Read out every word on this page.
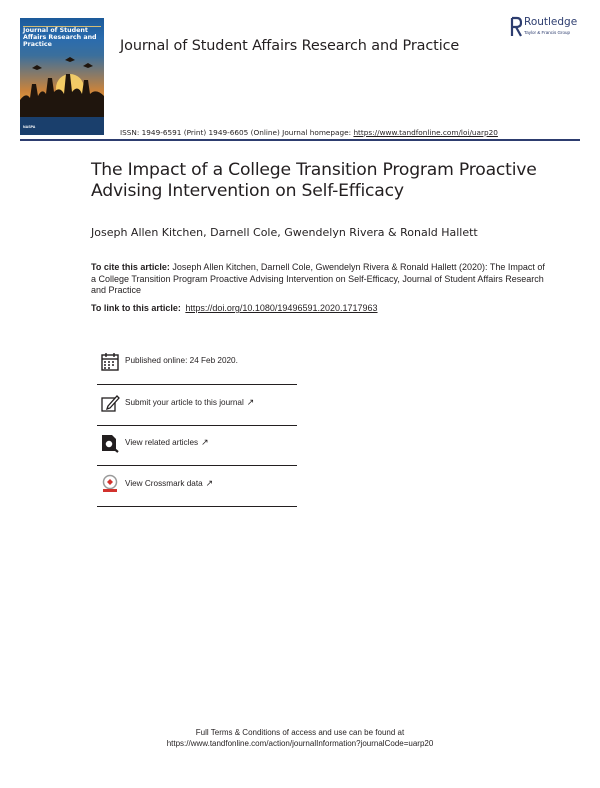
Journal of Student Affairs Research and Practice
NASPA
Journal of Student Affairs Research and Practice
Routledge
Taylor & Francis Group
ISSN: 1949-6591 (Print) 1949-6605 (Online) Journal homepage: https://www.tandfonline.com/loi/uarp20
The Impact of a College Transition Program Proactive Advising Intervention on Self-Efficacy
Joseph Allen Kitchen, Darnell Cole, Gwendelyn Rivera & Ronald Hallett
To cite this article: Joseph Allen Kitchen, Darnell Cole, Gwendelyn Rivera & Ronald Hallett (2020): The Impact of a College Transition Program Proactive Advising Intervention on Self-Efficacy, Journal of Student Affairs Research and Practice
To link to this article: https://doi.org/10.1080/19496591.2020.1717963
Published online: 24 Feb 2020.
Submit your article to this journal ↗
View related articles ↗
View Crossmark data ↗
Full Terms & Conditions of access and use can be found at
https://www.tandfonline.com/action/journalInformation?journalCode=uarp20
